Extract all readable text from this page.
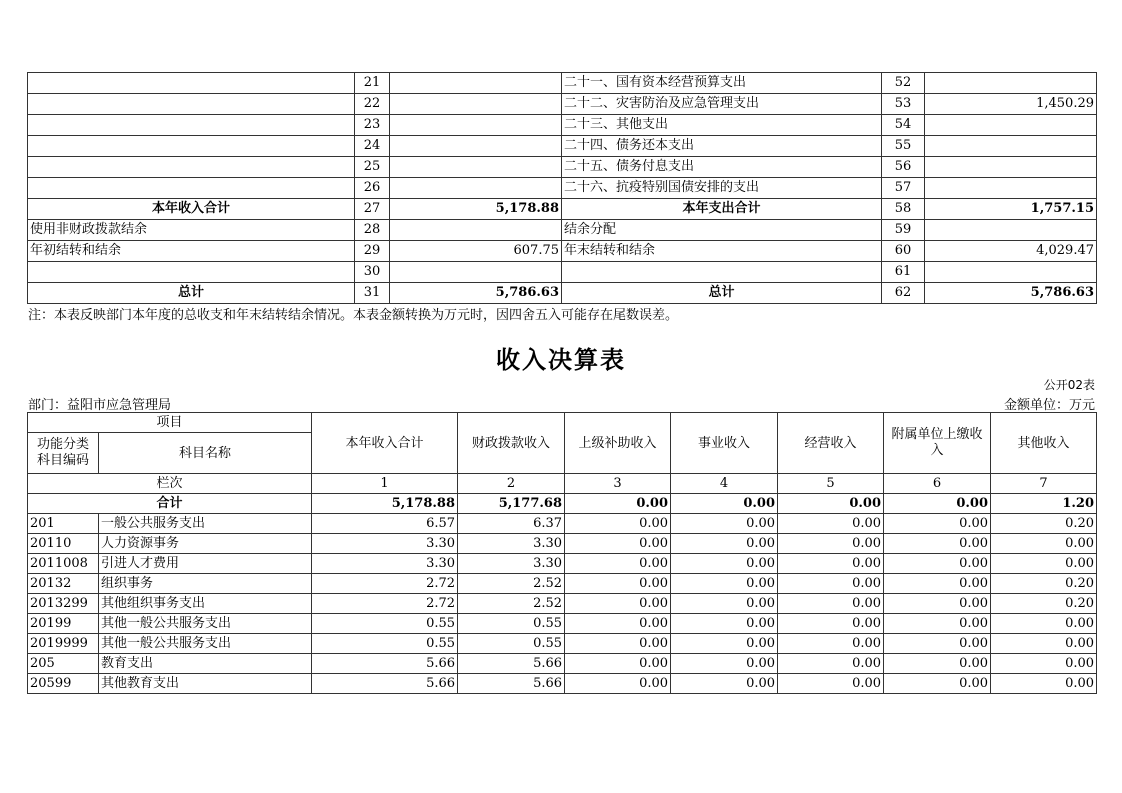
	21		二十一、国有资本经营预算支出	52	
	22		二十二、灾害防治及应急管理支出	53	1,450.29
	23		二十三、其他支出	54	
	24		二十四、债务还本支出	55	
	25		二十五、债务付息支出	56	
	26		二十六、抗疫特别国债安排的支出	57	
本年收入合计	27	5,178.88	本年支出合计	58	1,757.15
使用非财政拨款结余	28		结余分配	59	
年初结转和结余	29	607.75	年末结转和结余	60	4,029.47
	30			61	
总计	31	5,786.63	总计	62	5,786.63
注：本表反映部门本年度的总收支和年末结转结余情况。本表金额转换为万元时，因四舍五入可能存在尾数误差。
收入决算表
公开02表
部门：益阳市应急管理局	金额单位：万元
项目		本年收入合计	财政拨款收入	上级补助收入	事业收入	经营收入	附属单位上缴收入	其他收入
功能分类
科目编码	科目名称							
栏次		1	2	3	4	5	6	7
合计		5,178.88	5,177.68	0.00	0.00	0.00	0.00	1.20
201	一般公共服务支出	6.57	6.37	0.00	0.00	0.00	0.00	0.20
20110	人力资源事务	3.30	3.30	0.00	0.00	0.00	0.00	0.00
2011008	引进人才费用	3.30	3.30	0.00	0.00	0.00	0.00	0.00
20132	组织事务	2.72	2.52	0.00	0.00	0.00	0.00	0.20
2013299	其他组织事务支出	2.72	2.52	0.00	0.00	0.00	0.00	0.20
20199	其他一般公共服务支出	0.55	0.55	0.00	0.00	0.00	0.00	0.00
2019999	其他一般公共服务支出	0.55	0.55	0.00	0.00	0.00	0.00	0.00
205	教育支出	5.66	5.66	0.00	0.00	0.00	0.00	0.00
20599	其他教育支出	5.66	5.66	0.00	0.00	0.00	0.00	0.00
